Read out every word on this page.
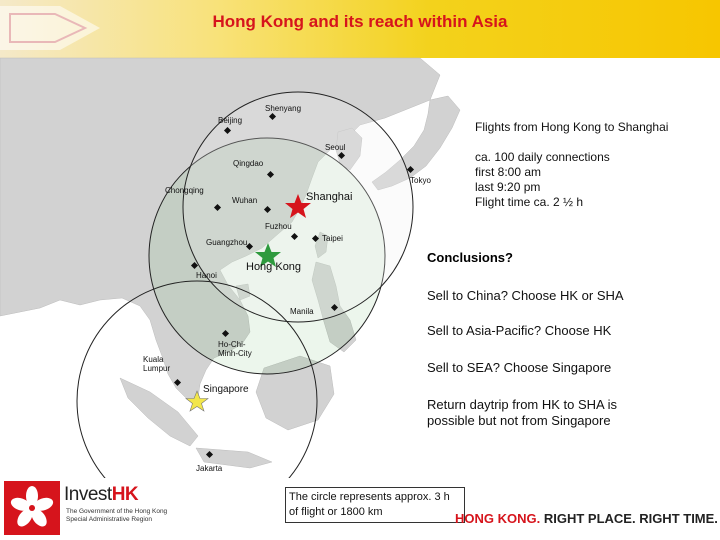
Hong Kong and its reach within Asia
Shenyang
Beijing
Seoul
Qingdao
Tokyo
Chongqing
Wuhan	Shanghai
Fuzhou
Taipei
Guangzhou
Hong Kong
Hanoi
Manila
Ho-Chi-Minh-City
Kuala Lumpur
Singapore
Jakarta
Flights from Hong Kong to Shanghai
ca. 100 daily connections
first 8:00 am
last 9:20 pm
Flight time ca. 2 ½ h
Conclusions?
Sell to China? Choose HK or SHA
Sell to Asia-Pacific? Choose HK
Sell to SEA? Choose Singapore
Return daytrip from HK to SHA is possible but not from Singapore
InvestHK
The Government of the Hong Kong
Special Administrative Region
The circle represents approx. 3 h of flight or 1800 km	HONG KONG. RIGHT PLACE. RIGHT TIME.
